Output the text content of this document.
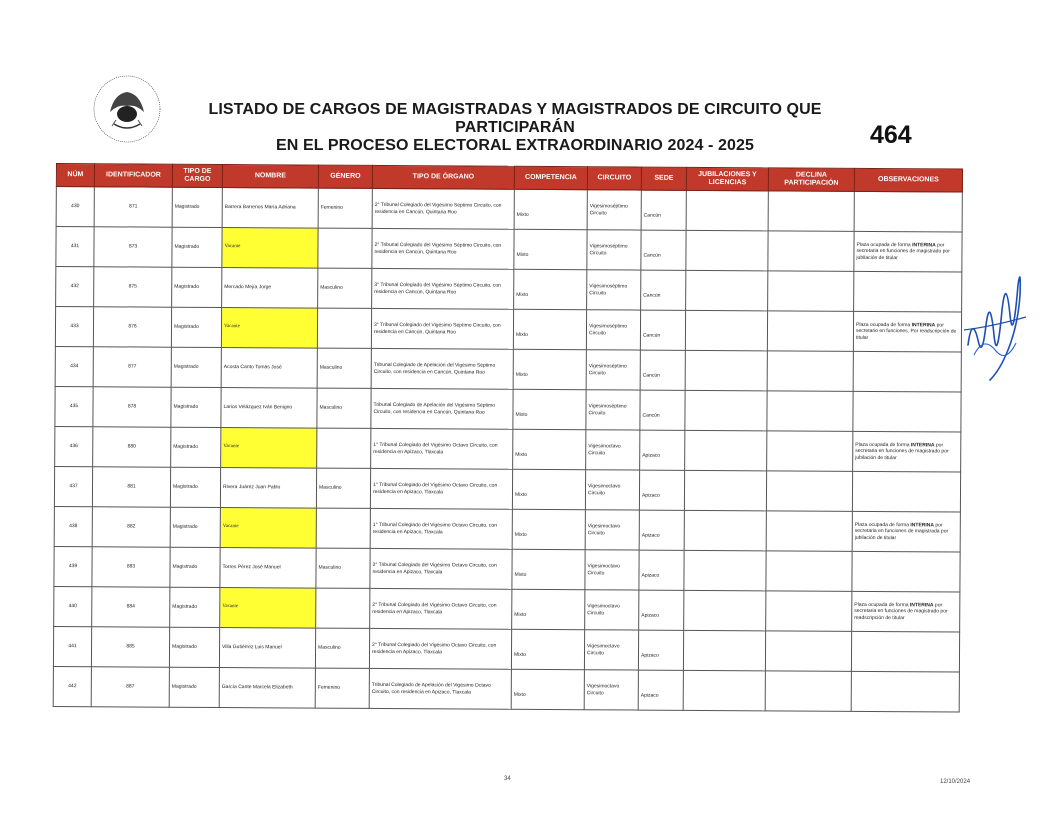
LISTADO DE CARGOS DE MAGISTRADAS Y MAGISTRADOS DE CIRCUITO QUE PARTICIPARÁN
EN EL PROCESO ELECTORAL EXTRAORDINARIO 2024 - 2025	464
NÚM	IDENTIFICADOR	TIPO DE CARGO	NOMBRE	GÉNERO	TIPO DE ÓRGANO	COMPETENCIA	CIRCUITO	SEDE	JUBILACIONES Y LICENCIAS	DECLINA PARTICIPACIÓN	OBSERVACIONES
430	871	Magistrado	Barrera Barrenos María Adriana	Femenino	2° Tribunal Colegiado del Vigésimo Séptimo Circuito, con residencia en Cancún, Quintana Roo	Mixto	Vigesimoséptimo Circuito	Cancún			

431	873	Magistrado	Vacante		2° Tribunal Colegiado del Vigésimo Séptimo Circuito, con residencia en Cancún, Quintana Roo	Mixto	Vigesimoséptimo Circuito	Cancún			Plaza ocupada de forma INTERINA por secretaria en funciones de magistrado por jubilación de titular
432	875	Magistrado	Mercado Mejía Jorge	Masculino	3° Tribunal Colegiado del Vigésimo Séptimo Circuito, con residencia en Cancún, Quintana Roo	Mixto	Vigesimoséptimo Circuito	Cancún			

433	876	Magistrado	Vacante		3° Tribunal Colegiado del Vigésimo Séptimo Circuito, con residencia en Cancún, Quintana Roo	Mixto	Vigesimoséptimo Circuito	Cancún			Plaza ocupada de forma INTERINA por secretario en funciones, Por readscripción de titular
434	877	Magistrado	Acosta Canto Tomás José	Masculino	Tribunal Colegiado de Apelación del Vigésimo Séptimo Circuito, con residencia en Cancún, Quintana Roo	Mixto	Vigesimoséptimo Circuito	Cancún			

435	878	Magistrado	Larios Velázquez Iván Benigno	Masculino	Tribunal Colegiado de Apelación del Vigésimo Séptimo Circuito, con residencia en Cancún, Quintana Roo	Mixto	Vigesimoséptimo Circuito	Cancún			

436	880	Magistrado	Vacante		1° Tribunal Colegiado del Vigésimo Octavo Circuito, con residencia en Apizaco, Tlaxcala	Mixto	Vigesimoctavo Circuito	Apizaco			Plaza ocupada de forma INTERINA por secretaria en funciones de magistrado por jubilación de titular
437	881	Magistrado	Rivera Juárez Juan Pablo	Masculino	1° Tribunal Colegiado del Vigésimo Octavo Circuito, con residencia en Apizaco, Tlaxcala	Mixto	Vigesimoctavo Circuito	Apizaco			

438	882	Magistrado	Vacante		1° Tribunal Colegiado del Vigésimo Octavo Circuito, con residencia en Apizaco, Tlaxcala	Mixto	Vigesimoctavo Circuito	Apizaco			Plaza ocupada de forma INTERINA por secretaria en funciones de magistrada por jubilación de titular
439	883	Magistrado	Torres Pérez José Manuel	Masculino	2° Tribunal Colegiado del Vigésimo Octavo Circuito, con residencia en Apizaco, Tlaxcala	Mixto	Vigesimoctavo Circuito	Apizaco			

440	884	Magistrado	Vacante		2° Tribunal Colegiado del Vigésimo Octavo Circuito, con residencia en Apizaco, Tlaxcala	Mixto	Vigesimoctavo Circuito	Apizaco			Plaza ocupada de forma INTERINA por secretaria en funciones de magistrado por readscripción de titular
441	885	Magistrado	Villa Gutiérrez Luis Manuel	Masculino	2° Tribunal Colegiado del Vigésimo Octavo Circuito, con residencia en Apizaco, Tlaxcala	Mixto	Vigesimoctavo Circuito	Apizaco			

442	887	Magistrado	García Cante Marcela Elizabeth	Femenino	Tribunal Colegiado de Apelación del Vigésimo Octavo Circuito, con residencia en Apizaco, Tlaxcala	Mixto	Vigesimoctavo Circuito	Apizaco			

34	12/10/2024
